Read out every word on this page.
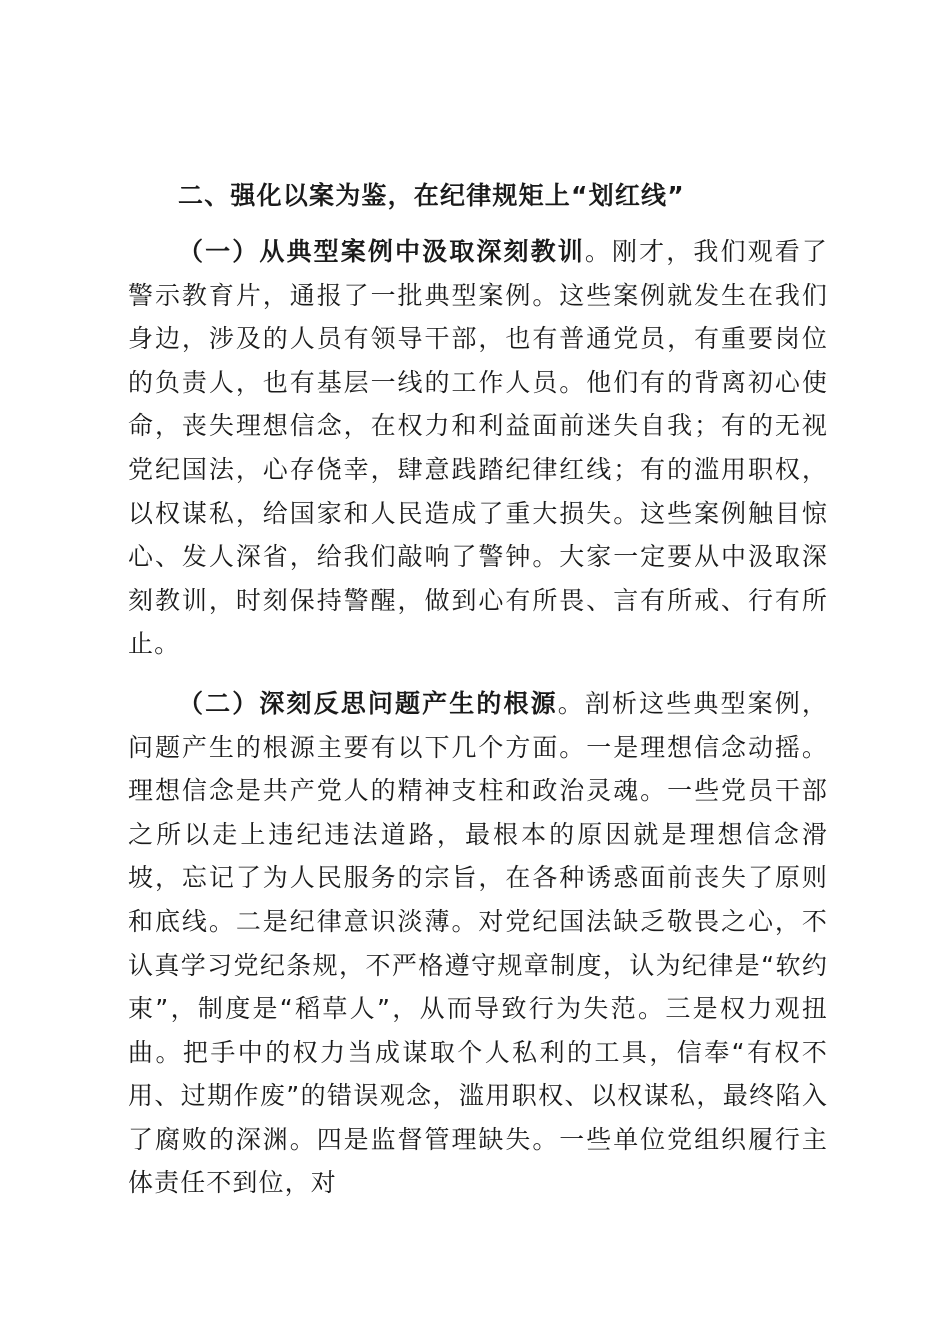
二、强化以案为鉴，在纪律规矩上“划红线”

（一）从典型案例中汲取深刻教训。刚才，我们观看了警示教育片，通报了一批典型案例。这些案例就发生在我们身边，涉及的人员有领导干部，也有普通党员，有重要岗位的负责人，也有基层一线的工作人员。他们有的背离初心使命，丧失理想信念，在权力和利益面前迷失自我；有的无视党纪国法，心存侥幸，肆意践踏纪律红线；有的滥用职权，以权谋私，给国家和人民造成了重大损失。这些案例触目惊心、发人深省，给我们敲响了警钟。大家一定要从中汲取深刻教训，时刻保持警醒，做到心有所畏、言有所戒、行有所止。

（二）深刻反思问题产生的根源。剖析这些典型案例，问题产生的根源主要有以下几个方面。一是理想信念动摇。理想信念是共产党人的精神支柱和政治灵魂。一些党员干部之所以走上违纪违法道路，最根本的原因就是理想信念滑坡，忘记了为人民服务的宗旨，在各种诱惑面前丧失了原则和底线。二是纪律意识淡薄。对党纪国法缺乏敬畏之心，不认真学习党纪条规，不严格遵守规章制度，认为纪律是“软约束”，制度是“稻草人”，从而导致行为失范。三是权力观扭曲。把手中的权力当成谋取个人私利的工具，信奉“有权不用、过期作废”的错误观念，滥用职权、以权谋私，最终陷入了腐败的深渊。四是监督管理缺失。一些单位党组织履行主体责任不到位，对
